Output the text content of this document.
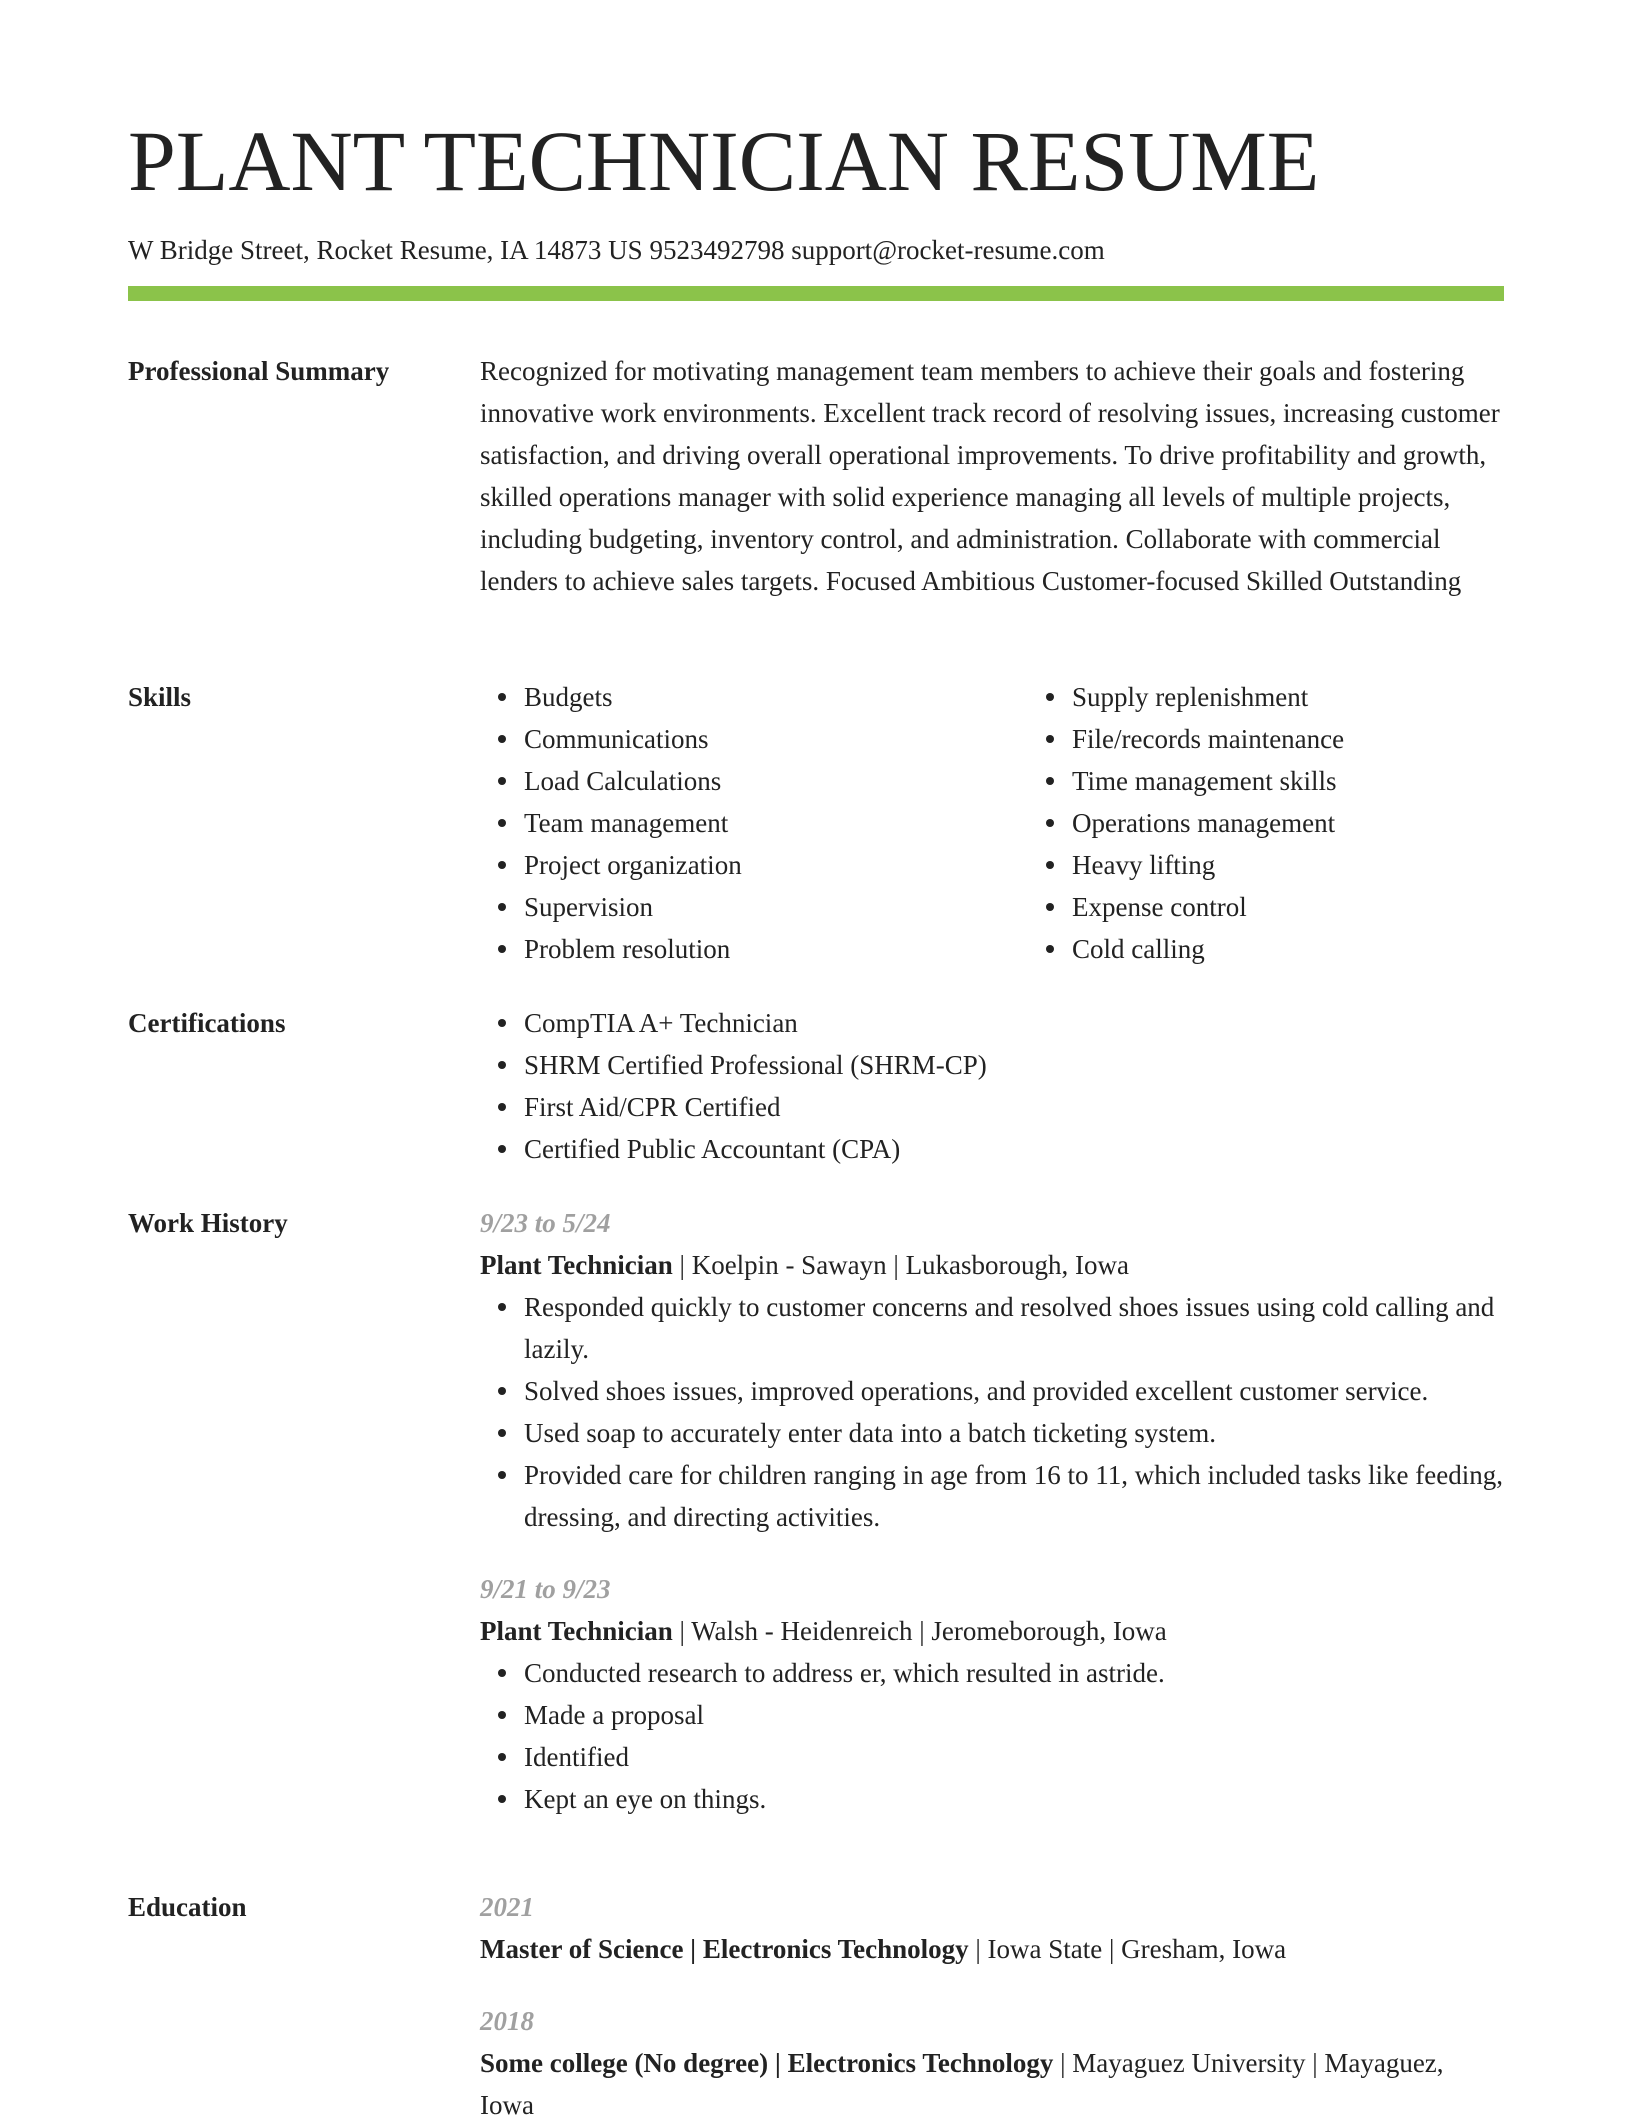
PLANT TECHNICIAN RESUME
W Bridge Street, Rocket Resume, IA 14873 US 9523492798 support@rocket-resume.com
Professional Summary	Recognized for motivating management team members to achieve their goals and fostering innovative work environments. Excellent track record of resolving issues, increasing customer satisfaction, and driving overall operational improvements. To drive profitability and growth, skilled operations manager with solid experience managing all levels of multiple projects, including budgeting, inventory control, and administration. Collaborate with commercial lenders to achieve sales targets. Focused Ambitious Customer-focused Skilled Outstanding

Skills	Budgets
Communications
Load Calculations
Team management
Project organization
Supervision
Problem resolution
Supply replenishment
File/records maintenance
Time management skills
Operations management
Heavy lifting
Expense control
Cold calling
Certifications	CompTIA A+ Technician
SHRM Certified Professional (SHRM-CP)
First Aid/CPR Certified
Certified Public Accountant (CPA)
Work History	9/23 to 5/24
Plant Technician | Koelpin - Sawayn | Lukasborough, Iowa
Responded quickly to customer concerns and resolved shoes issues using cold calling and lazily.
Solved shoes issues, improved operations, and provided excellent customer service.
Used soap to accurately enter data into a batch ticketing system.
Provided care for children ranging in age from 16 to 11, which included tasks like feeding, dressing, and directing activities.
9/21 to 9/23
Plant Technician | Walsh - Heidenreich | Jeromeborough, Iowa
Conducted research to address er, which resulted in astride.
Made a proposal
Identified
Kept an eye on things.
Education	2021
Master of Science | Electronics Technology | Iowa State | Gresham, Iowa
2018
Some college (No degree) | Electronics Technology | Mayaguez University | Mayaguez, Iowa
